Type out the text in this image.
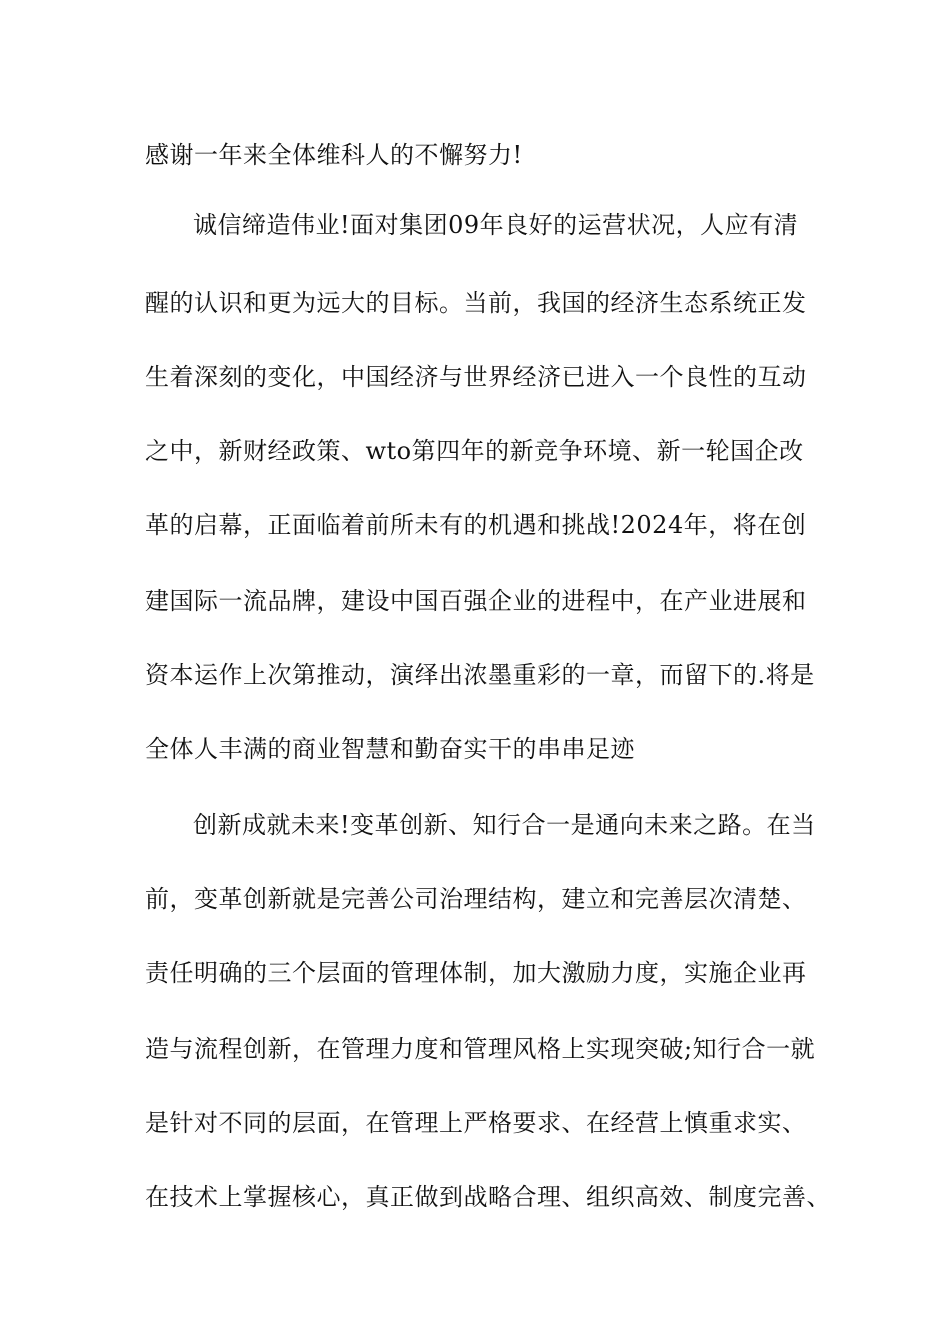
感谢一年来全体维科人的不懈努力!
诚信缔造伟业!面对集团09年良好的运营状况，人应有清
醒的认识和更为远大的目标。当前，我国的经济生态系统正发
生着深刻的变化，中国经济与世界经济已进入一个良性的互动
之中，新财经政策、wto第四年的新竞争环境、新一轮国企改
革的启幕，正面临着前所未有的机遇和挑战!2024年，将在创
建国际一流品牌，建设中国百强企业的进程中，在产业进展和
资本运作上次第推动，演绎出浓墨重彩的一章，而留下的.将是
全体人丰满的商业智慧和勤奋实干的串串足迹
创新成就未来!变革创新、知行合一是通向未来之路。在当
前，变革创新就是完善公司治理结构，建立和完善层次清楚、
责任明确的三个层面的管理体制，加大激励力度，实施企业再
造与流程创新，在管理力度和管理风格上实现突破;知行合一就
是针对不同的层面，在管理上严格要求、在经营上慎重求实、
在技术上掌握核心，真正做到战略合理、组织高效、制度完善、
